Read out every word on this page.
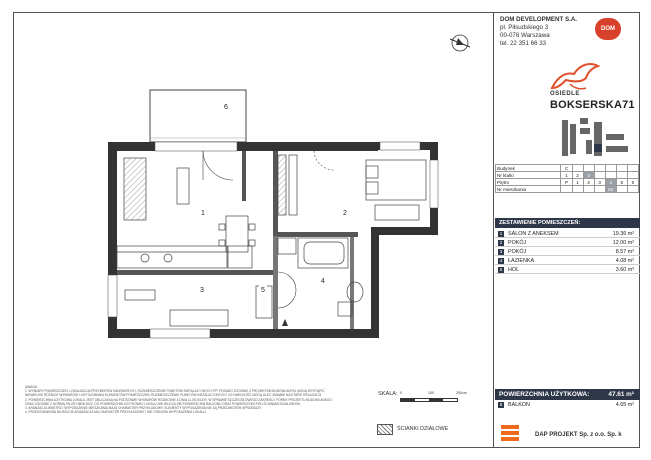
1	2
3
4
5
6
DOM DEVELOPMENT S.A.
pl. Piłsudskiego 3
00-078 Warszawa
tel. 22 351 66 33
DOM
OSIEDLE
BOKSERSKA71
Budynek	C						
Nr klatki	1	2	3				
Piętro	P	1	2	3	4	5	6
Nr mieszkania					63		
ZESTAWIENIE POMIESZCZEŃ:
1	SALON Z ANEKSEM	19.36 m²
2	POKÓJ	12.00 m²
3	POKÓJ	8.57 m²
4	ŁAZIENKA	4.08 m²
5	HOL	3.60 m²
POWIERZCHNIA UŻYTKOWA:	47.61 m²
6	BALKON	4.65 m²
DAP PROJEKT Sp. z o.o. Sp. k
UWAGA:
1. WYMIARY POMIESZCZEŃ, LOKALIZACJA PRZYBORÓW SANITARNYCH, ROZMIESZCZENIE PUNKTÓW INSTALACYJNYCH ITP. PODANO ZGODNIE Z PROJEKTEM BUDOWLANYM. MOGĄ WYSTĄPIĆ NIEWIELKIE RÓŻNICE WYMIARÓW I USYTUOWANIA ELEMENTÓW POMIESZCZEŃ. ROZMIESZCZENIE PUNKTÓW INSTALACYJNYCH I ICH WIELKOŚĆ MOGĄ ULEC ZMIANIE NA ETAPIE REALIZACJI.
2. POWIERZCHNIA UŻYTKOWA LOKALU JEST OBLICZANA NA PODSTAWIE WYMIARÓW ROZMOWIE Z DNIA 11.05.2016 R. W SPRAWIE SZCZEGÓŁOWEGO ZAKRESU I FORMY PROJEKTU BUDOWLANEGO ORAZ ZGODNIE Z NORMĄ PN-ISO 9836:2022. DO POWIERZCHNI UŻYTKOWEJ LOKALU NIE WLICZA SIĘ POWIERZCHNI BALKONU ORAZ POWIERZCHNI POD ŚCIANAMI DZIAŁOWYMI.
3. ARANŻACJA WNĘTRZ I WYPOSAŻENIE MIESZKANIA MAJĄ CHARAKTER PRZYKŁADOWY. ELEMENTY WYPOSAŻENIA NIE SĄ PRZEDMIOTEM SPRZEDAŻY.
4. PRZEDSTAWIONA NA RZUCIE ARANŻACJA MA CHARAKTER PRZYKŁADOWY I NIE STANOWI WYPOSAŻENIA LOKALU.
SKALA: 0	100	200cm
ŚCIANKI DZIAŁOWE
